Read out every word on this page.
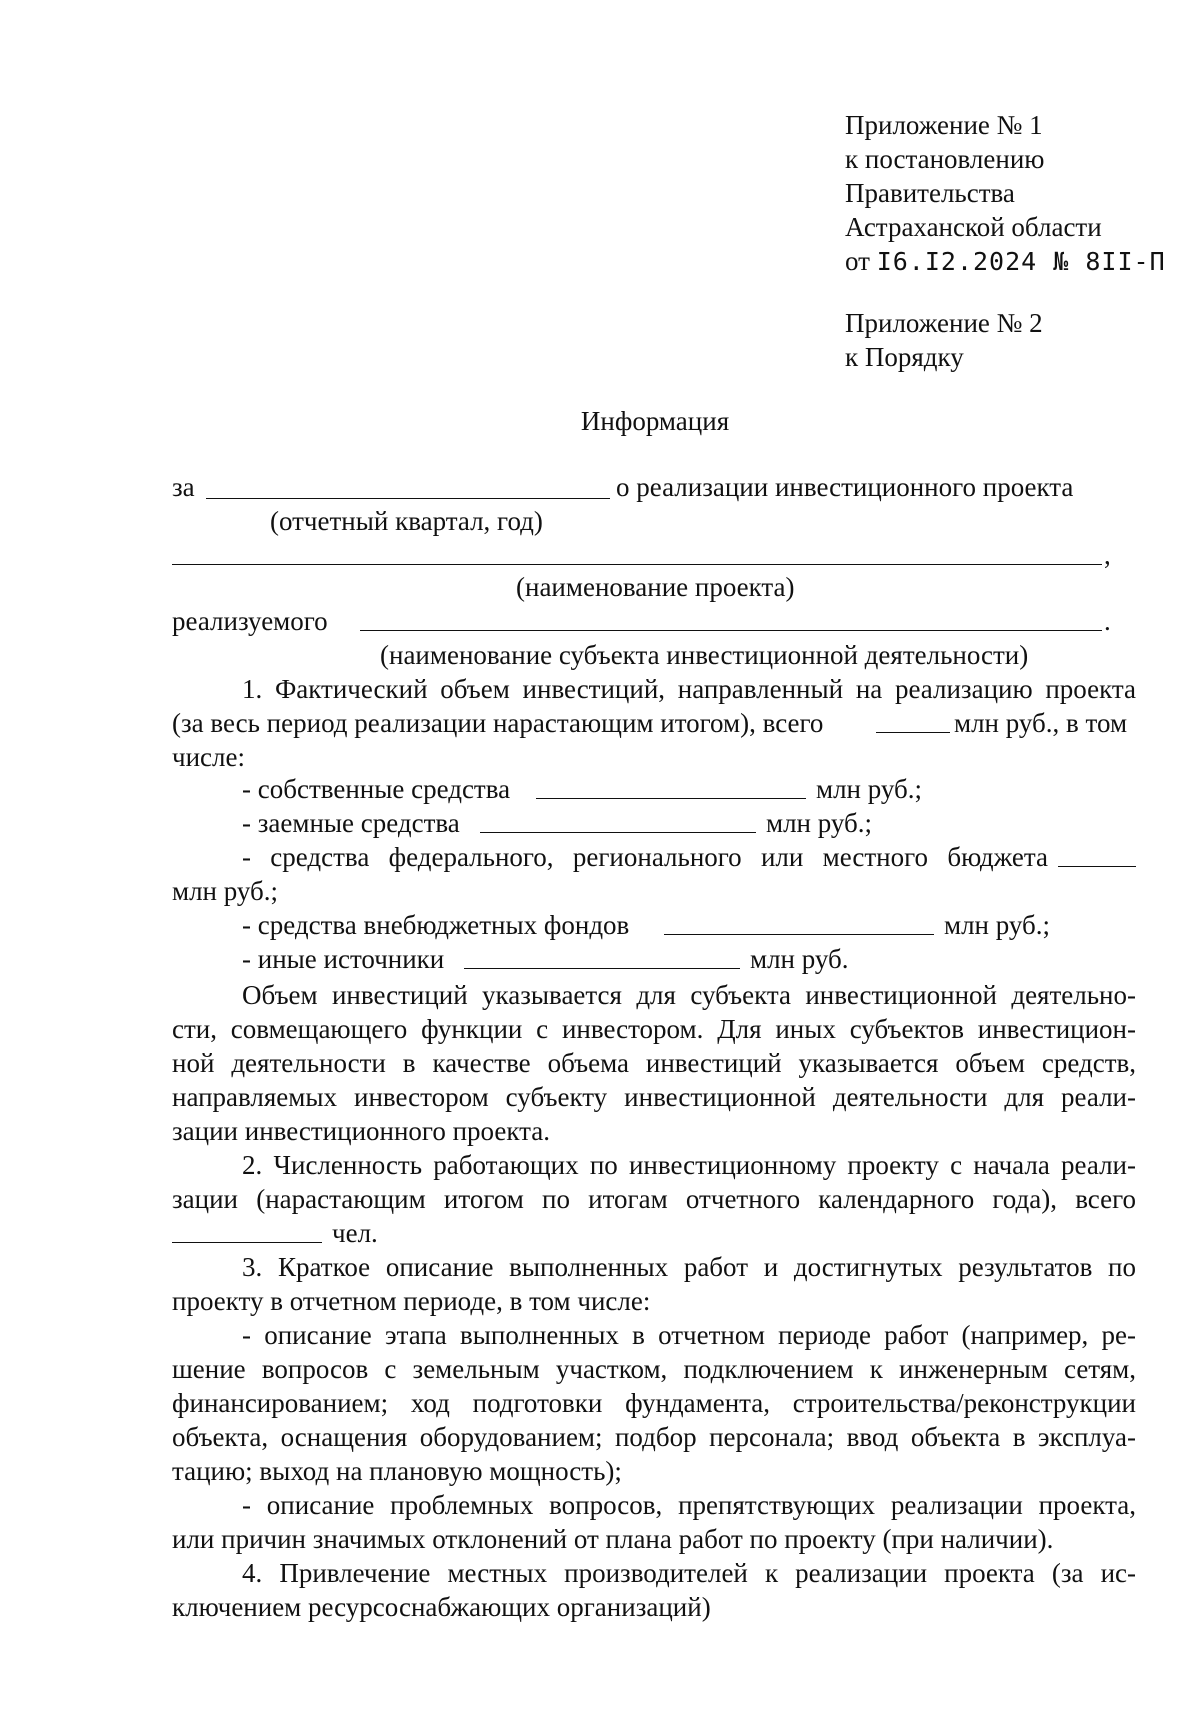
Приложение № 1
к постановлению
Правительства
Астраханской области
от I6.I2.2024 № 8II-П
Приложение № 2
к Порядку
Информация
за	о реализации инвестиционного проекта
(отчетный квартал, год)
,
(наименование проекта)
реализуемого	.
(наименование субъекта инвестиционной деятельности)
1. Фактический объем инвестиций, направленный на реализацию проекта
(за весь период реализации нарастающим итогом), всего	млн руб., в том
числе:
- собственные средства	млн руб.;
- заемные средства	млн руб.;
- средства федерального, регионального или местного бюджета
млн руб.;
- средства внебюджетных фондов	млн руб.;
- иные источники	млн руб.
Объем инвестиций указывается для субъекта инвестиционной деятельно-
сти, совмещающего функции с инвестором. Для иных субъектов инвестицион-
ной деятельности в качестве объема инвестиций указывается объем средств,
направляемых инвестором субъекту инвестиционной деятельности для реали-
зации инвестиционного проекта.
2. Численность работающих по инвестиционному проекту с начала реали-
зации (нарастающим итогом по итогам отчетного календарного года), всего
чел.
3. Краткое описание выполненных работ и достигнутых результатов по
проекту в отчетном периоде, в том числе:
- описание этапа выполненных в отчетном периоде работ (например, ре-
шение вопросов с земельным участком, подключением к инженерным сетям,
финансированием; ход подготовки фундамента, строительства/реконструкции
объекта, оснащения оборудованием; подбор персонала; ввод объекта в эксплуа-
тацию; выход на плановую мощность);
- описание проблемных вопросов, препятствующих реализации проекта,
или причин значимых отклонений от плана работ по проекту (при наличии).
4. Привлечение местных производителей к реализации проекта (за ис-
ключением ресурсоснабжающих организаций)
